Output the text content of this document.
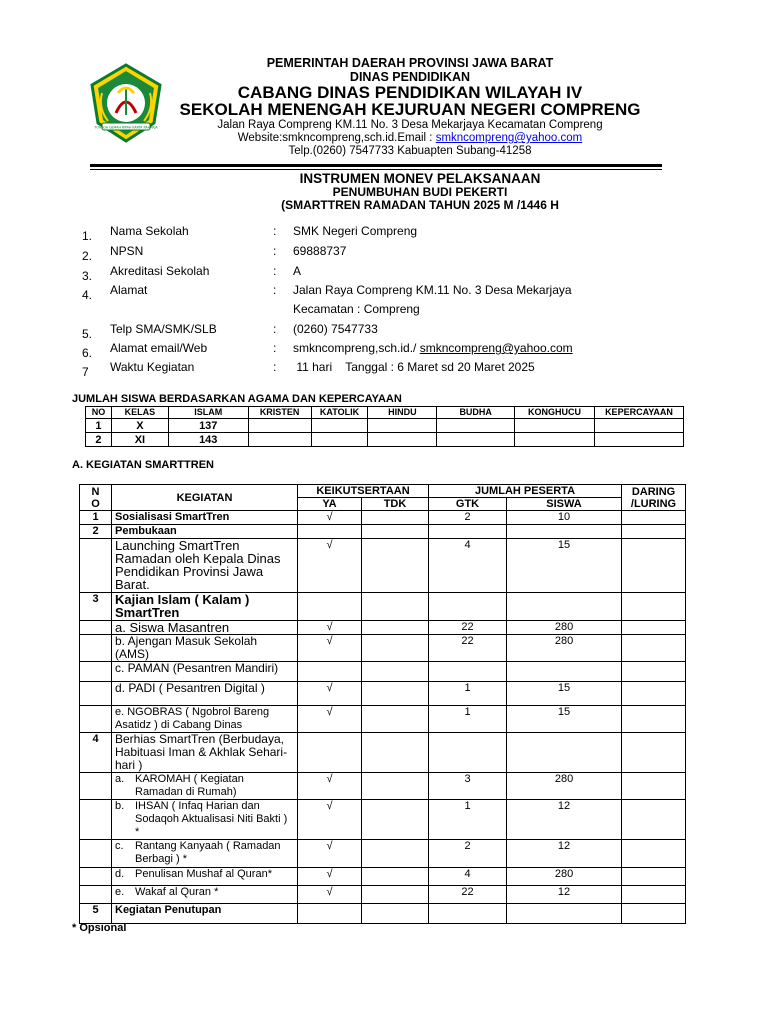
TOHAGA GEMAH RIPAH KARTA RAHARJA
PEMERINTAH DAERAH PROVINSI JAWA BARAT
DINAS PENDIDIKAN
CABANG DINAS PENDIDIKAN WILAYAH IV
SEKOLAH MENENGAH KEJURUAN NEGERI COMPRENG
Jalan Raya Compreng KM.11 No. 3 Desa Mekarjaya Kecamatan Compreng
Website:smkncompreng,sch.id.Email : smkncompreng@yahoo.com
Telp.(0260) 7547733 Kabuapten Subang-41258
INSTRUMEN MONEV PELAKSANAAN
PENUMBUHAN BUDI PEKERTI
(SMARTTREN RAMADAN TAHUN 2025 M /1446 H
1. Nama Sekolah	: SMK Negeri Compreng
2. NPSN	: 69888737
3. Akreditasi Sekolah	: A
4. Alamat	: Jalan Raya Compreng KM.11 No. 3 Desa Mekarjaya
Kecamatan : Compreng
5. Telp SMA/SMK/SLB	: (0260) 7547733
6. Alamat email/Web	: smkncompreng,sch.id./ smkncompreng@yahoo.com
7 Waktu Kegiatan	: 11 hari    Tanggal : 6 Maret sd 20 Maret 2025
JUMLAH SISWA BERDASARKAN AGAMA DAN KEPERCAYAAN
NO	KELAS	ISLAM	KRISTEN	KATOLIK	HINDU	BUDHA	KONGHUCU	KEPERCAYAAN
1	X	137						
2	XI	143						
A. KEGIATAN SMARTTREN
N
O	KEGIATAN	KEIKUTSERTAAN		JUMLAH PESERTA		DARING
/LURING
		YA	TDK	GTK	SISWA	
1	Sosialisasi SmartTren	√		2	10	
2	Pembukaan					
	Launching SmartTren Ramadan oleh Kepala Dinas Pendidikan Provinsi Jawa Barat.	√		4	15	
3	Kajian Islam ( Kalam ) SmartTren					
	a. Siswa Masantren	√		22	280	
	b. Ajengan Masuk Sekolah (AMS)	√		22	280	
	c. PAMAN (Pesantren Mandiri)					
	d. PADI ( Pesantren Digital )	√		1	15	
	e. NGOBRAS ( Ngobrol Bareng Asatidz ) di Cabang Dinas	√		1	15	
4	Berhias SmartTren (Berbudaya, Habituasi Iman & Akhlak Sehari-hari )					

	a. KAROMAH ( Kegiatan Ramadan di Rumah)	√		3	280	

	b. IHSAN ( Infaq Harian dan Sodaqoh Aktualisasi Niti Bakti ) *	√		1	12	

	c. Rantang Kanyaah ( Ramadan Berbagi ) *	√		2	12	

	d. Penulisan Mushaf al Quran*	√		4	280	

	e. Wakaf al Quran *	√		22	12	
5	Kegiatan Penutupan					
* Opsional
